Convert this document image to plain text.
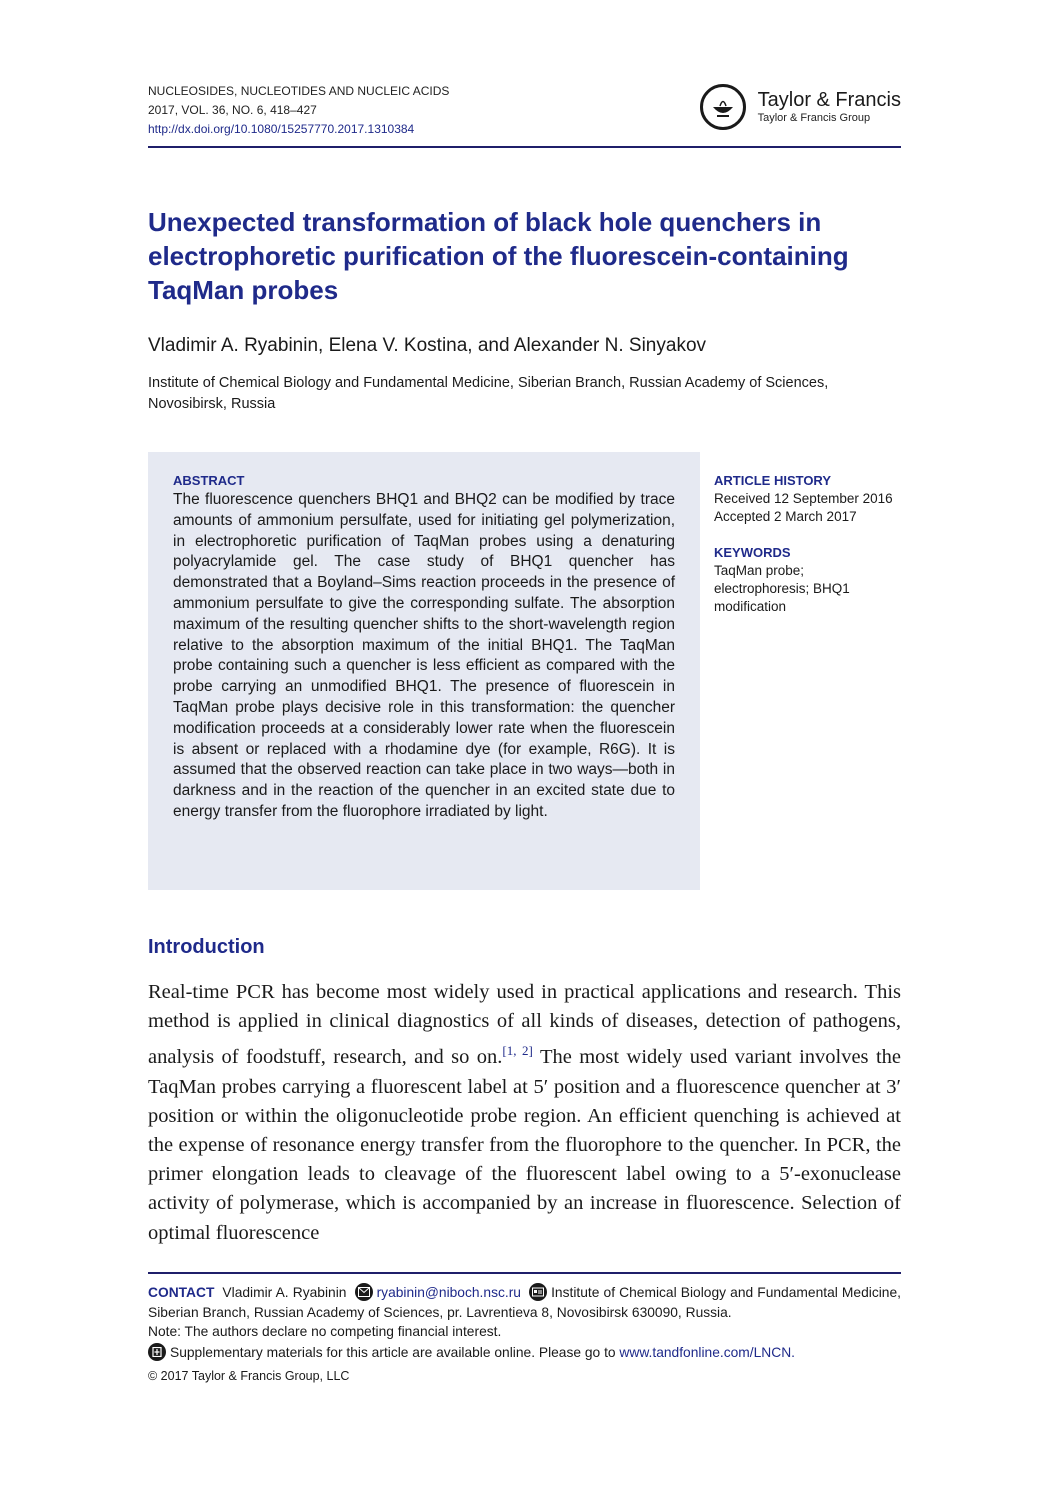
NUCLEOSIDES, NUCLEOTIDES AND NUCLEIC ACIDS
2017, VOL. 36, NO. 6, 418–427
http://dx.doi.org/10.1080/15257770.2017.1310384
Taylor & Francis
Taylor & Francis Group
Unexpected transformation of black hole quenchers in electrophoretic purification of the fluorescein-containing TaqMan probes
Vladimir A. Ryabinin, Elena V. Kostina, and Alexander N. Sinyakov
Institute of Chemical Biology and Fundamental Medicine, Siberian Branch, Russian Academy of Sciences, Novosibirsk, Russia
ABSTRACT
The fluorescence quenchers BHQ1 and BHQ2 can be modified by trace amounts of ammonium persulfate, used for initiating gel polymerization, in electrophoretic purification of TaqMan probes using a denaturing polyacrylamide gel. The case study of BHQ1 quencher has demonstrated that a Boyland–Sims reaction proceeds in the presence of ammonium persulfate to give the corresponding sulfate. The absorption maximum of the resulting quencher shifts to the short-wavelength region relative to the absorption maximum of the initial BHQ1. The TaqMan probe containing such a quencher is less efficient as compared with the probe carrying an unmodified BHQ1. The presence of fluorescein in TaqMan probe plays decisive role in this transformation: the quencher modification proceeds at a considerably lower rate when the fluorescein is absent or replaced with a rhodamine dye (for example, R6G). It is assumed that the observed reaction can take place in two ways—both in darkness and in the reaction of the quencher in an excited state due to energy transfer from the fluorophore irradiated by light.
ARTICLE HISTORY
Received 12 September 2016
Accepted 2 March 2017
KEYWORDS
TaqMan probe; electrophoresis; BHQ1 modification
Introduction
Real-time PCR has become most widely used in practical applications and research. This method is applied in clinical diagnostics of all kinds of diseases, detection of pathogens, analysis of foodstuff, research, and so on.[1, 2] The most widely used variant involves the TaqMan probes carrying a fluorescent label at 5′ position and a fluorescence quencher at 3′ position or within the oligonucleotide probe region. An efficient quenching is achieved at the expense of resonance energy transfer from the fluorophore to the quencher. In PCR, the primer elongation leads to cleavage of the fluorescent label owing to a 5′-exonuclease activity of polymerase, which is accompanied by an increase in fluorescence. Selection of optimal fluorescence
CONTACT Vladimir A. Ryabinin ryabinin@niboch.nsc.ru Institute of Chemical Biology and Fundamental Medicine, Siberian Branch, Russian Academy of Sciences, pr. Lavrentieva 8, Novosibirsk 630090, Russia.
Note: The authors declare no competing financial interest.
Supplementary materials for this article are available online. Please go to www.tandfonline.com/LNCN.
© 2017 Taylor & Francis Group, LLC
